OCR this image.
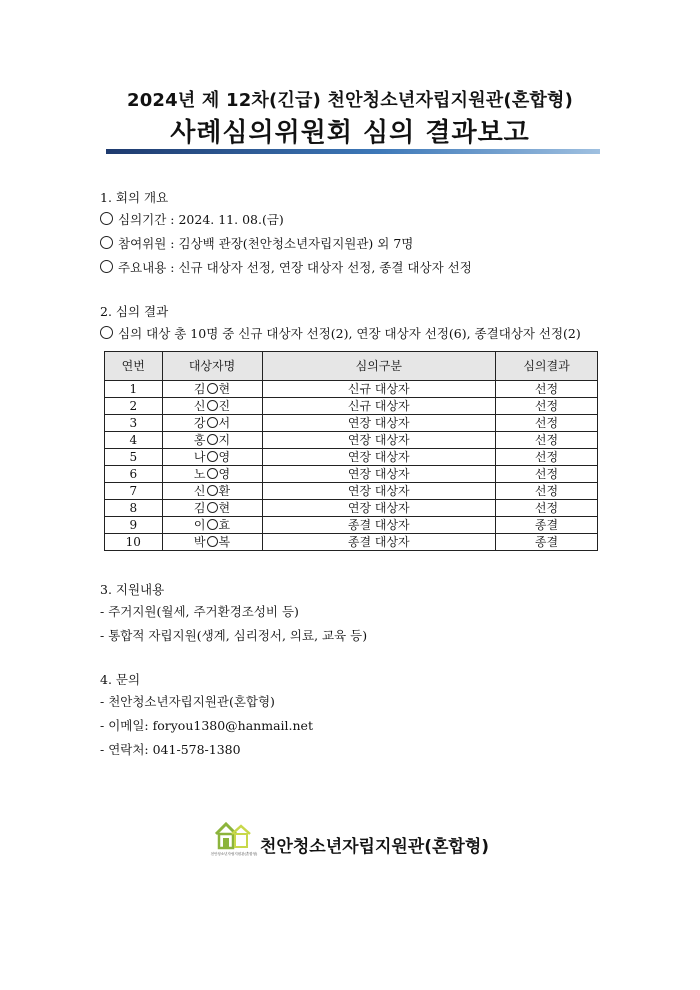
2024년 제 12차(긴급) 천안청소년자립지원관(혼합형)
사례심의위원회 심의 결과보고
1. 회의 개요
심의기간 : 2024. 11. 08.(금)
참여위원 : 김상백 관장(천안청소년자립지원관) 외 7명
주요내용 : 신규 대상자 선정, 연장 대상자 선정, 종결 대상자 선정
2. 심의 결과
심의 대상 총 10명 중 신규 대상자 선정(2), 연장 대상자 선정(6), 종결대상자 선정(2)
연번	대상자명	심의구분	심의결과
1	김 현	신규 대상자	선정
2	신 진	신규 대상자	선정
3	강 서	연장 대상자	선정
4	홍 지	연장 대상자	선정
5	나 영	연장 대상자	선정
6	노 영	연장 대상자	선정
7	신 환	연장 대상자	선정
8	김 현	연장 대상자	선정
9	이 효	종결 대상자	종결
10	박 복	종결 대상자	종결
3. 지원내용
- 주거지원(월세, 주거환경조성비 등)
- 통합적 자립지원(생계, 심리정서, 의료, 교육 등)
4. 문의
- 천안청소년자립지원관(혼합형)
- 이메일: foryou1380@hanmail.net
- 연락처: 041-578-1380
천안청소년자립지원관(혼합형) 천안청소년자립지원관(혼합형)
